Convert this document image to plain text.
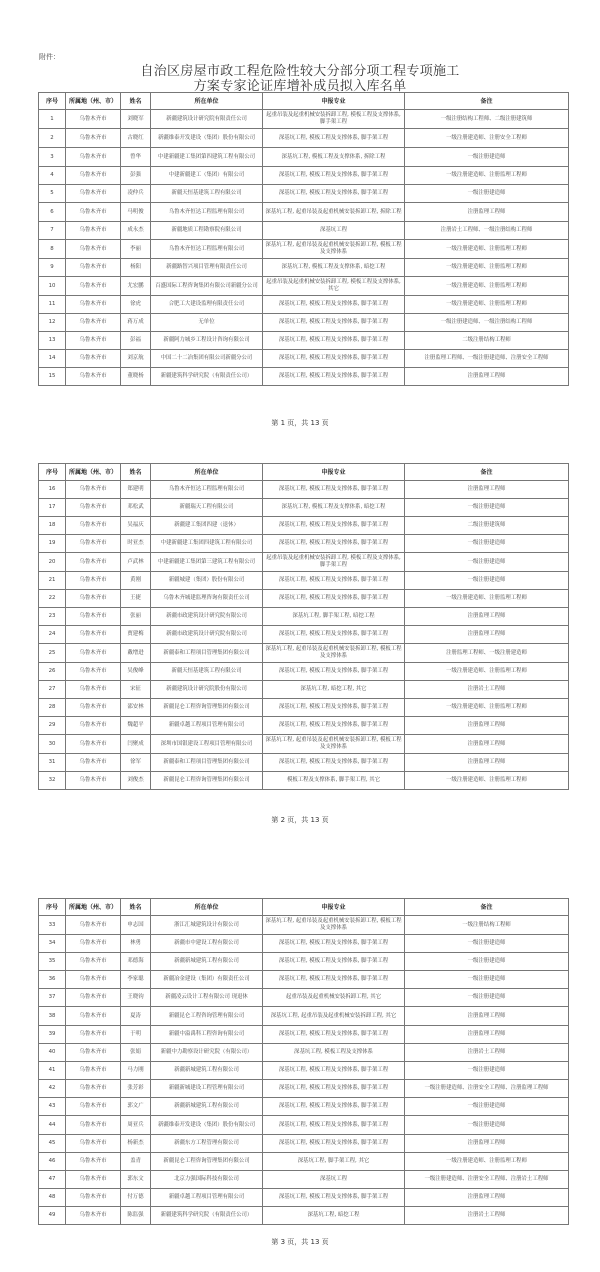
附件：
自治区房屋市政工程危险性较大分部分项工程专项施工
方案专家论证库增补成员拟入库名单
序号	所属地（州、市）	姓名	所在单位	申报专业	备注
1	乌鲁木齐市	刘晓军	新疆建筑设计研究院有限责任公司	起重吊装及起重机械安装拆卸工程, 模板工程及支撑体系, 脚手架工程	一级注册结构工程师、二级注册建筑师
2	乌鲁木齐市	古晓红	新疆维泰开发建设（集团）股份有限公司	深基坑工程, 模板工程及支撑体系, 脚手架工程	一级注册建造师、注册安全工程师
3	乌鲁木齐市	曾华	中建新疆建工集团第四建筑工程有限公司	深基坑工程, 模板工程及支撑体系, 拆除工程	一级注册建造师
4	乌鲁木齐市	彭强	中建新疆建工（集团）有限公司	深基坑工程, 模板工程及支撑体系, 脚手架工程	一级注册建造师、注册监理工程师
5	乌鲁木齐市	凌仲兵	新疆天恒基建筑工程有限公司	深基坑工程, 模板工程及支撑体系, 脚手架工程	一级注册建造师
6	乌鲁木齐市	马明俊	乌鲁木齐恒达工程监理有限公司	深基坑工程, 起重吊装及起重机械安装拆卸工程, 拆除工程	注册监理工程师
7	乌鲁木齐市	成永杰	新疆地质工程勘察院有限公司	深基坑工程	注册岩土工程师、一级注册结构工程师
8	乌鲁木齐市	李丽	乌鲁木齐恒达工程监理有限公司	深基坑工程, 起重吊装及起重机械安装拆卸工程, 模板工程及支撑体系	一级注册建造师、注册监理工程师
9	乌鲁木齐市	杨阳	新疆路智兴项目管理有限责任公司	深基坑工程, 模板工程及支撑体系, 暗挖工程	一级注册建造师、注册监理工程师
10	乌鲁木齐市	尤宏鹏	百盛国际工程咨询集团有限公司新疆分公司	起重吊装及起重机械安装拆卸工程, 模板工程及支撑体系, 其它	一级注册建造师、注册监理工程师
11	乌鲁木齐市	徐虎	合肥工大建设监理有限责任公司	深基坑工程, 模板工程及支撑体系, 脚手架工程	一级注册建造师、注册监理工程师
12	乌鲁木齐市	蒋万成	无单位	深基坑工程, 模板工程及支撑体系, 脚手架工程	一级注册建造师、一级注册结构工程师
13	乌鲁木齐市	彭福	新疆阿力城乡工程设计咨询有限公司	深基坑工程, 模板工程及支撑体系, 脚手架工程	二级注册结构工程师
14	乌鲁木齐市	刘京航	中国二十二冶集团有限公司新疆分公司	深基坑工程, 模板工程及支撑体系, 脚手架工程	注册监理工程师、一级注册建造师、注册安全工程师
15	乌鲁木齐市	董晓杨	新疆建筑科学研究院（有限责任公司）	深基坑工程, 模板工程及支撑体系, 脚手架工程	注册监理工程师
第 1 页，共 13 页
序号	所属地（州、市）	姓名	所在单位	申报专业	备注
16	乌鲁木齐市	郑建明	乌鲁木齐恒达工程监理有限公司	深基坑工程, 模板工程及支撑体系, 脚手架工程	注册监理工程师
17	乌鲁木齐市	邓松武	新疆瑞天工程有限公司	深基坑工程, 模板工程及支撑体系, 暗挖工程	一级注册建造师
18	乌鲁木齐市	吴福庆	新疆建工集团四建（退休）	深基坑工程, 模板工程及支撑体系, 脚手架工程	二级注册建筑师
19	乌鲁木齐市	时亚杰	中建新疆建工集团四建筑工程有限公司	深基坑工程, 模板工程及支撑体系, 脚手架工程	一级注册建造师
20	乌鲁木齐市	卢武林	中建新疆建工集团第三建筑工程有限公司	起重吊装及起重机械安装拆卸工程, 模板工程及支撑体系, 脚手架工程	一级注册建造师
21	乌鲁木齐市	黄刚	新疆城建（集团）股份有限公司	深基坑工程, 模板工程及支撑体系, 脚手架工程	一级注册建造师
22	乌鲁木齐市	王捷	乌鲁木齐城建监理咨询有限责任公司	深基坑工程, 模板工程及支撑体系, 脚手架工程	一级注册建造师、注册监理工程师
23	乌鲁木齐市	张丽	新疆市政建筑设计研究院有限公司	深基坑工程, 脚手架工程, 暗挖工程	注册监理工程师
24	乌鲁木齐市	贾建梅	新疆市政建筑设计研究院有限公司	深基坑工程, 模板工程及支撑体系, 脚手架工程	注册监理工程师
25	乌鲁木齐市	戴增进	新疆泰和工程项目管理集团有限公司	深基坑工程, 起重吊装及起重机械安装拆卸工程, 模板工程及支撑体系	注册监理工程师、一级注册建造师
26	乌鲁木齐市	吴俊峰	新疆天恒基建筑工程有限公司	深基坑工程, 模板工程及支撑体系, 脚手架工程	一级注册建造师、注册监理工程师
27	乌鲁木齐市	宋征	新疆建筑设计研究院股份有限公司	深基坑工程, 暗挖工程, 其它	注册岩土工程师
28	乌鲁木齐市	邵安林	新疆昆仑工程咨询管理集团有限公司	深基坑工程, 模板工程及支撑体系, 脚手架工程	一级注册建造师、注册监理工程师
29	乌鲁木齐市	魏超平	新疆卓越工程项目管理有限公司	深基坑工程, 模板工程及支撑体系, 脚手架工程	注册监理工程师
30	乌鲁木齐市	闫聚成	深圳市国银建设工程项目管理有限公司	深基坑工程, 起重吊装及起重机械安装拆卸工程, 模板工程及支撑体系	注册监理工程师
31	乌鲁木齐市	徐军	新疆泰和工程项目管理集团有限公司	深基坑工程, 模板工程及支撑体系, 脚手架工程	注册监理工程师
32	乌鲁木齐市	刘俊杰	新疆昆仑工程咨询管理集团有限公司	模板工程及支撑体系, 脚手架工程, 其它	一级注册建造师、注册监理工程师
第 2 页，共 13 页
序号	所属地（州、市）	姓名	所在单位	申报专业	备注
33	乌鲁木齐市	申志国	浙江汇城建筑设计有限公司	深基坑工程, 起重吊装及起重机械安装拆卸工程, 模板工程及支撑体系	一级注册结构工程师
34	乌鲁木齐市	林勇	新疆市中建设工程有限公司	深基坑工程, 模板工程及支撑体系, 脚手架工程	一级注册建造师
35	乌鲁木齐市	邓德海	新疆新城建筑工程有限公司	深基坑工程, 模板工程及支撑体系, 脚手架工程	一级注册建造师
36	乌鲁木齐市	李家聪	新疆冶金建设（集团）有限责任公司	深基坑工程, 模板工程及支撑体系, 脚手架工程	一级注册建造师
37	乌鲁木齐市	王晓钧	新疆凌云设计工程有限公司 现退休	起重吊装及起重机械安装拆卸工程, 其它	一级注册建造师
38	乌鲁木齐市	夏涛	新疆昆仑工程咨询管理有限公司	深基坑工程, 起重吊装及起重机械安装拆卸工程, 其它	注册监理工程师
39	乌鲁木齐市	于明	新疆中溢禹科工程咨询有限公司	深基坑工程, 模板工程及支撑体系, 脚手架工程	注册监理工程师
40	乌鲁木齐市	张娟	新疆中力勘察设计研究院（有限公司）	深基坑工程, 模板工程及支撑体系	注册岩土工程师
41	乌鲁木齐市	马力刚	新疆新城建筑工程有限公司	深基坑工程, 模板工程及支撑体系, 脚手架工程	一级注册建造师
42	乌鲁木齐市	张芳彩	新疆新城建设工程管理有限公司	深基坑工程, 模板工程及支撑体系, 脚手架工程	一级注册建造师、注册安全工程师、注册监理工程师
43	乌鲁木齐市	郭文广	新疆新城建筑工程有限公司	深基坑工程, 模板工程及支撑体系, 脚手架工程	一级注册建造师
44	乌鲁木齐市	周亚兵	新疆维泰开发建设（集团）股份有限公司	深基坑工程, 模板工程及支撑体系, 脚手架工程	一级注册建造师
45	乌鲁木齐市	杨新杰	新疆东方工程管理有限公司	深基坑工程, 模板工程及支撑体系, 脚手架工程	注册监理工程师
46	乌鲁木齐市	盖青	新疆昆仑工程咨询管理集团有限公司	深基坑工程, 脚手架工程, 其它	一级注册建造师、注册监理工程师
47	乌鲁木齐市	郭东文	北京力强国际科技有限公司	深基坑工程	一级注册建造师、注册安全工程师、注册岩土工程师
48	乌鲁木齐市	付万德	新疆卓越工程项目管理有限公司	深基坑工程, 模板工程及支撑体系, 脚手架工程	注册监理工程师
49	乌鲁木齐市	陈监强	新疆建筑科学研究院（有限责任公司）	深基坑工程, 暗挖工程	注册岩土工程师
第 3 页，共 13 页
